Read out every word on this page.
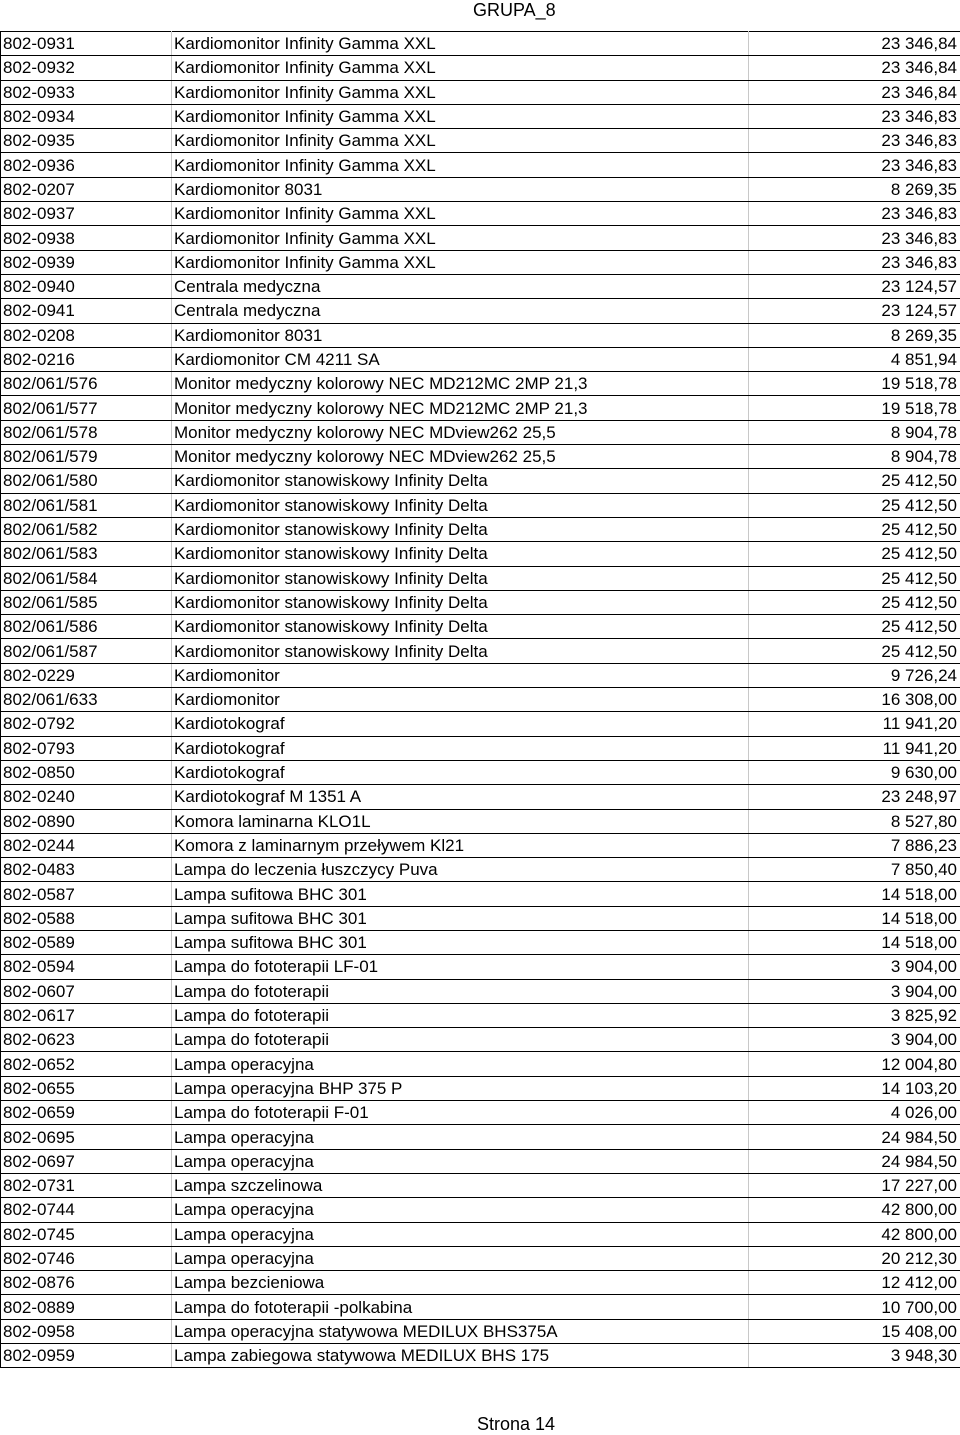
GRUPA_8
802-0931	Kardiomonitor Infinity Gamma XXL	23 346,84
802-0932	Kardiomonitor Infinity Gamma XXL	23 346,84
802-0933	Kardiomonitor Infinity Gamma XXL	23 346,84
802-0934	Kardiomonitor Infinity Gamma XXL	23 346,83
802-0935	Kardiomonitor Infinity Gamma XXL	23 346,83
802-0936	Kardiomonitor Infinity Gamma XXL	23 346,83
802-0207	Kardiomonitor 8031	8 269,35
802-0937	Kardiomonitor Infinity Gamma XXL	23 346,83
802-0938	Kardiomonitor Infinity Gamma XXL	23 346,83
802-0939	Kardiomonitor Infinity Gamma XXL	23 346,83
802-0940	Centrala medyczna	23 124,57
802-0941	Centrala medyczna	23 124,57
802-0208	Kardiomonitor 8031	8 269,35
802-0216	Kardiomonitor CM 4211 SA	4 851,94
802/061/576	Monitor medyczny kolorowy NEC MD212MC 2MP 21,3	19 518,78
802/061/577	Monitor medyczny kolorowy NEC MD212MC 2MP 21,3	19 518,78
802/061/578	Monitor medyczny kolorowy NEC MDview262 25,5	8 904,78
802/061/579	Monitor medyczny kolorowy NEC MDview262 25,5	8 904,78
802/061/580	Kardiomonitor stanowiskowy Infinity Delta	25 412,50
802/061/581	Kardiomonitor stanowiskowy Infinity Delta	25 412,50
802/061/582	Kardiomonitor stanowiskowy Infinity Delta	25 412,50
802/061/583	Kardiomonitor stanowiskowy Infinity Delta	25 412,50
802/061/584	Kardiomonitor stanowiskowy Infinity Delta	25 412,50
802/061/585	Kardiomonitor stanowiskowy Infinity Delta	25 412,50
802/061/586	Kardiomonitor stanowiskowy Infinity Delta	25 412,50
802/061/587	Kardiomonitor stanowiskowy Infinity Delta	25 412,50
802-0229	Kardiomonitor	9 726,24
802/061/633	Kardiomonitor	16 308,00
802-0792	Kardiotokograf	11 941,20
802-0793	Kardiotokograf	11 941,20
802-0850	Kardiotokograf	9 630,00
802-0240	Kardiotokograf M 1351 A	23 248,97
802-0890	Komora laminarna KLO1L	8 527,80
802-0244	Komora z laminarnym przeływem Kl21	7 886,23
802-0483	Lampa do leczenia łuszczycy Puva	7 850,40
802-0587	Lampa sufitowa BHC 301	14 518,00
802-0588	Lampa sufitowa BHC 301	14 518,00
802-0589	Lampa sufitowa BHC 301	14 518,00
802-0594	Lampa do fototerapii LF-01	3 904,00
802-0607	Lampa do fototerapii	3 904,00
802-0617	Lampa do fototerapii	3 825,92
802-0623	Lampa do fototerapii	3 904,00
802-0652	Lampa operacyjna	12 004,80
802-0655	Lampa operacyjna BHP 375 P	14 103,20
802-0659	Lampa do fototerapii F-01	4 026,00
802-0695	Lampa operacyjna	24 984,50
802-0697	Lampa operacyjna	24 984,50
802-0731	Lampa szczelinowa	17 227,00
802-0744	Lampa operacyjna	42 800,00
802-0745	Lampa operacyjna	42 800,00
802-0746	Lampa operacyjna	20 212,30
802-0876	Lampa bezcieniowa	12 412,00
802-0889	Lampa do fototerapii -polkabina	10 700,00
802-0958	Lampa operacyjna statywowa MEDILUX BHS375A	15 408,00
802-0959	Lampa zabiegowa statywowa MEDILUX BHS 175	3 948,30
Strona 14
